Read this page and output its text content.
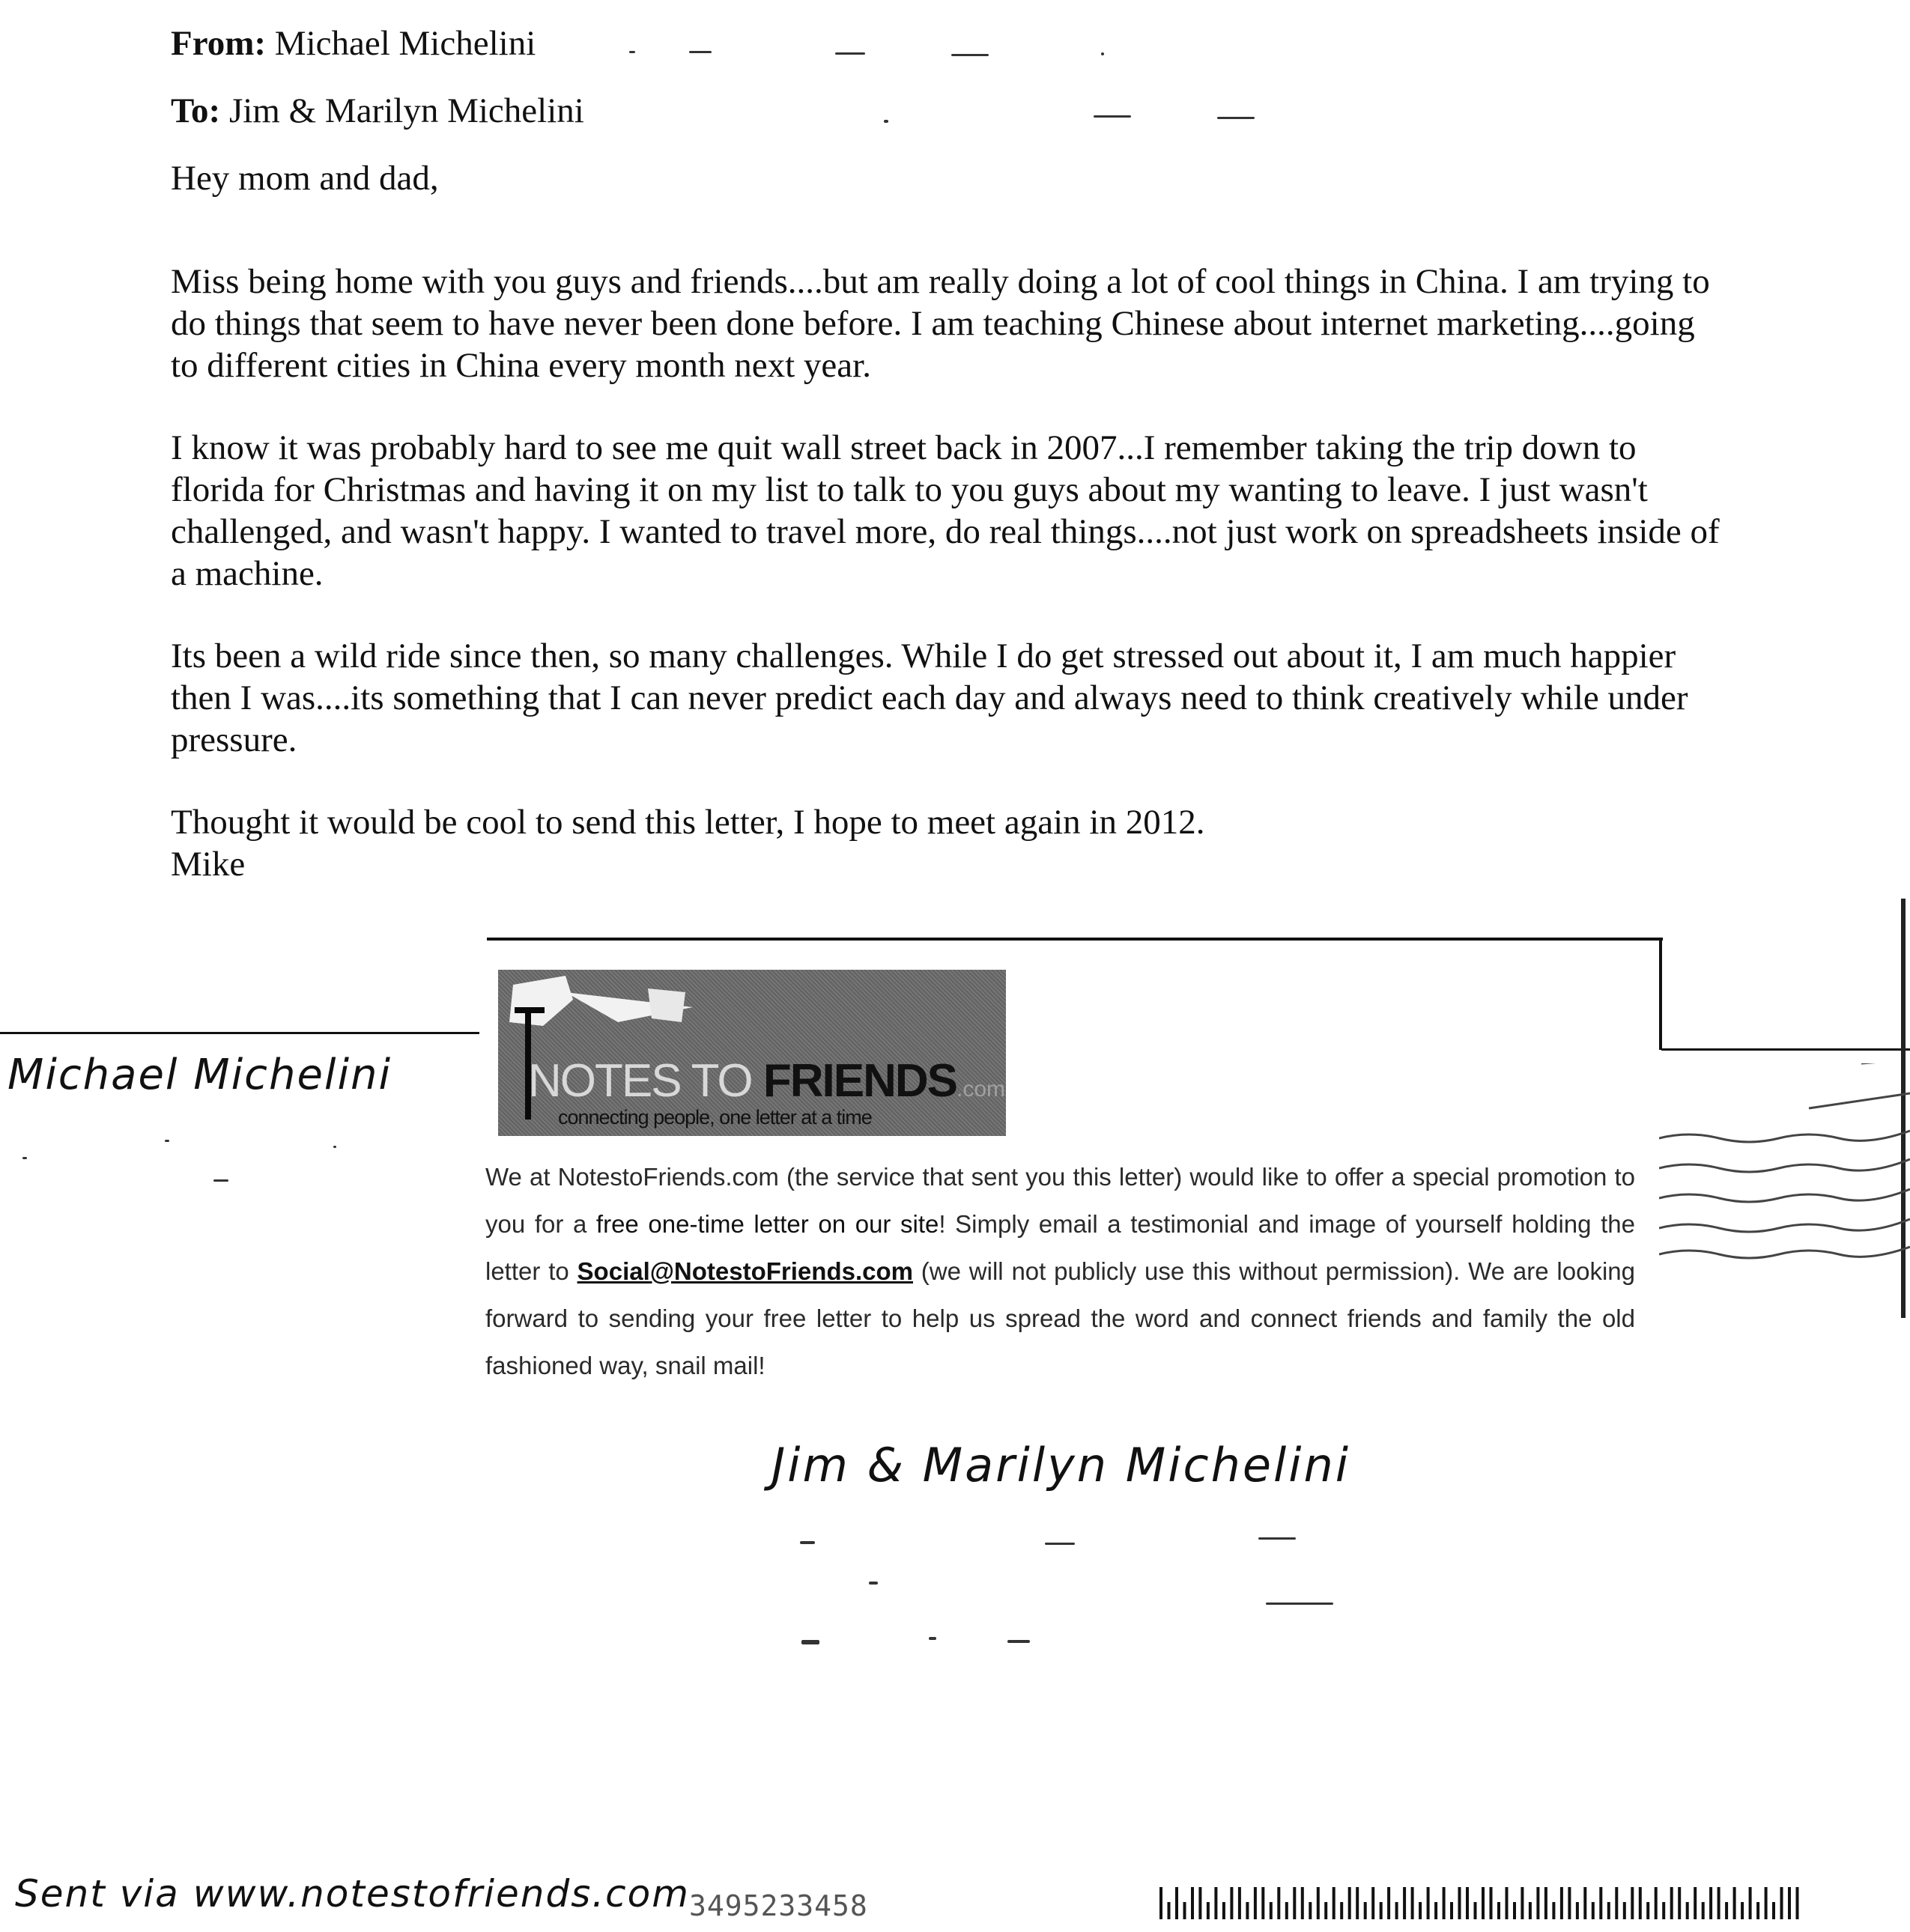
From: Michael Michelini
To: Jim & Marilyn Michelini
Hey mom and dad,
Miss being home with you guys and friends....but am really doing a lot of cool things in China. I am trying to do things that seem to have never been done before. I am teaching Chinese about internet marketing....going to different cities in China every month next year.
I know it was probably hard to see me quit wall street back in 2007...I remember taking the trip down to florida for Christmas and having it on my list to talk to you guys about my wanting to leave. I just wasn't challenged, and wasn't happy. I wanted to travel more, do real things....not just work on spreadsheets inside of a machine.
Its been a wild ride since then, so many challenges. While I do get stressed out about it, I am much happier then I was....its something that I can never predict each day and always need to think creatively while under pressure.
Thought it would be cool to send this letter, I hope to meet again in 2012.
Mike
NOTES TO FRIENDS.com
connecting people, one letter at a time
We at NotestoFriends.com (the service that sent you this letter) would like to offer a special promotion to you for a free one-time letter on our site! Simply email a testimonial and image of yourself holding the letter to Social@NotestoFriends.com (we will not publicly use this without permission). We are looking forward to sending your free letter to help us spread the word and connect friends and family the old fashioned way, snail mail!
Michael Michelini
Jim & Marilyn Michelini
Sent via www.notestofriends.com 3495233458
